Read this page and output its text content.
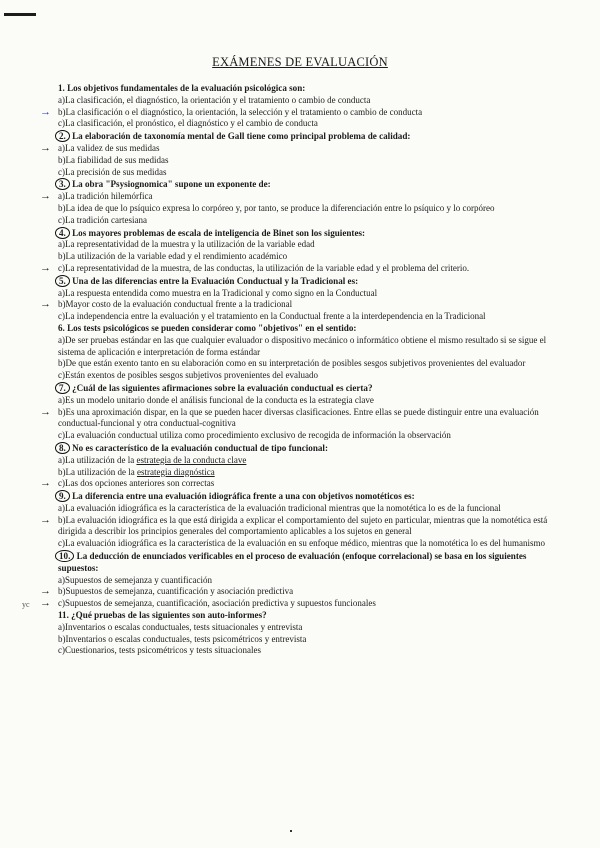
EXÁMENES DE EVALUACIÓN
1. Los objetivos fundamentales de la evaluación psicológica son:
a)La clasificación, el diagnóstico, la orientación y el tratamiento o cambio de conducta
→ b)La clasificación o el diagnóstico, la orientación, la selección y el tratamiento o cambio de conducta
c)La clasificación, el pronóstico, el diagnóstico y el cambio de conducta
2. La elaboración de taxonomía mental de Gall tiene como principal problema de calidad:
→ a)La validez de sus medidas
b)La fiabilidad de sus medidas
c)La precisión de sus medidas
3. La obra "Psysiognomica" supone un exponente de:
→ a)La tradición hilemórfica
b)La idea de que lo psíquico expresa lo corpóreo y, por tanto, se produce la diferenciación entre lo psíquico y lo corpóreo
c)La tradición cartesiana
4. Los mayores problemas de escala de inteligencia de Binet son los siguientes:
a)La representatividad de la muestra y la utilización de la variable edad
b)La utilización de la variable edad y el rendimiento académico
→ c)La representatividad de la muestra, de las conductas, la utilización de la variable edad y el problema del criterio.
5. Una de las diferencias entre la Evaluación Conductual y la Tradicional es:
a)La respuesta entendida como muestra en la Tradicional y como signo en la Conductual
→ b)Mayor costo de la evaluación conductual frente a la tradicional
c)La independencia entre la evaluación y el tratamiento en la Conductual frente a la interdependencia en la Tradicional
6. Los tests psicológicos se pueden considerar como "objetivos" en el sentido:
a)De ser pruebas estándar en las que cualquier evaluador o dispositivo mecánico o informático obtiene el mismo resultado si se sigue el sistema de aplicación e interpretación de forma estándar
b)De que están exento tanto en su elaboración como en su interpretación de posibles sesgos subjetivos provenientes del evaluador
c)Están exentos de posibles sesgos subjetivos provenientes del evaluado
7. ¿Cuál de las siguientes afirmaciones sobre la evaluación conductual es cierta?
a)Es un modelo unitario donde el análisis funcional de la conducta es la estrategia clave
→ b)Es una aproximación dispar, en la que se pueden hacer diversas clasificaciones. Entre ellas se puede distinguir entre una evaluación conductual-funcional y otra conductual-cognitiva
c)La evaluación conductual utiliza como procedimiento exclusivo de recogida de información la observación
8. No es característico de la evaluación conductual de tipo funcional:
a)La utilización de la estrategia de la conducta clave
b)La utilización de la estrategia diagnóstica
→ c)Las dos opciones anteriores son correctas
9. La diferencia entre una evaluación idiográfica frente a una con objetivos nomotéticos es:
a)La evaluación idiográfica es la característica de la evaluación tradicional mientras que la nomotética lo es de la funcional
→ b)La evaluación idiográfica es la que está dirigida a explicar el comportamiento del sujeto en particular, mientras que la nomotética está dirigida a describir los principios generales del comportamiento aplicables a los sujetos en general
c)La evaluación idiográfica es la característica de la evaluación en su enfoque médico, mientras que la nomotética lo es del humanismo
10. La deducción de enunciados verificables en el proceso de evaluación (enfoque correlacional) se basa en los siguientes supuestos:
a)Supuestos de semejanza y cuantificación
→ b)Supuestos de semejanza, cuantificación y asociación predictiva
yc → c)Supuestos de semejanza, cuantificación, asociación predictiva y supuestos funcionales
11. ¿Qué pruebas de las siguientes son auto-informes?
a)Inventarios o escalas conductuales, tests situacionales y entrevista
b)Inventarios o escalas conductuales, tests psicométricos y entrevista
c)Cuestionarios, tests psicométricos y tests situacionales
